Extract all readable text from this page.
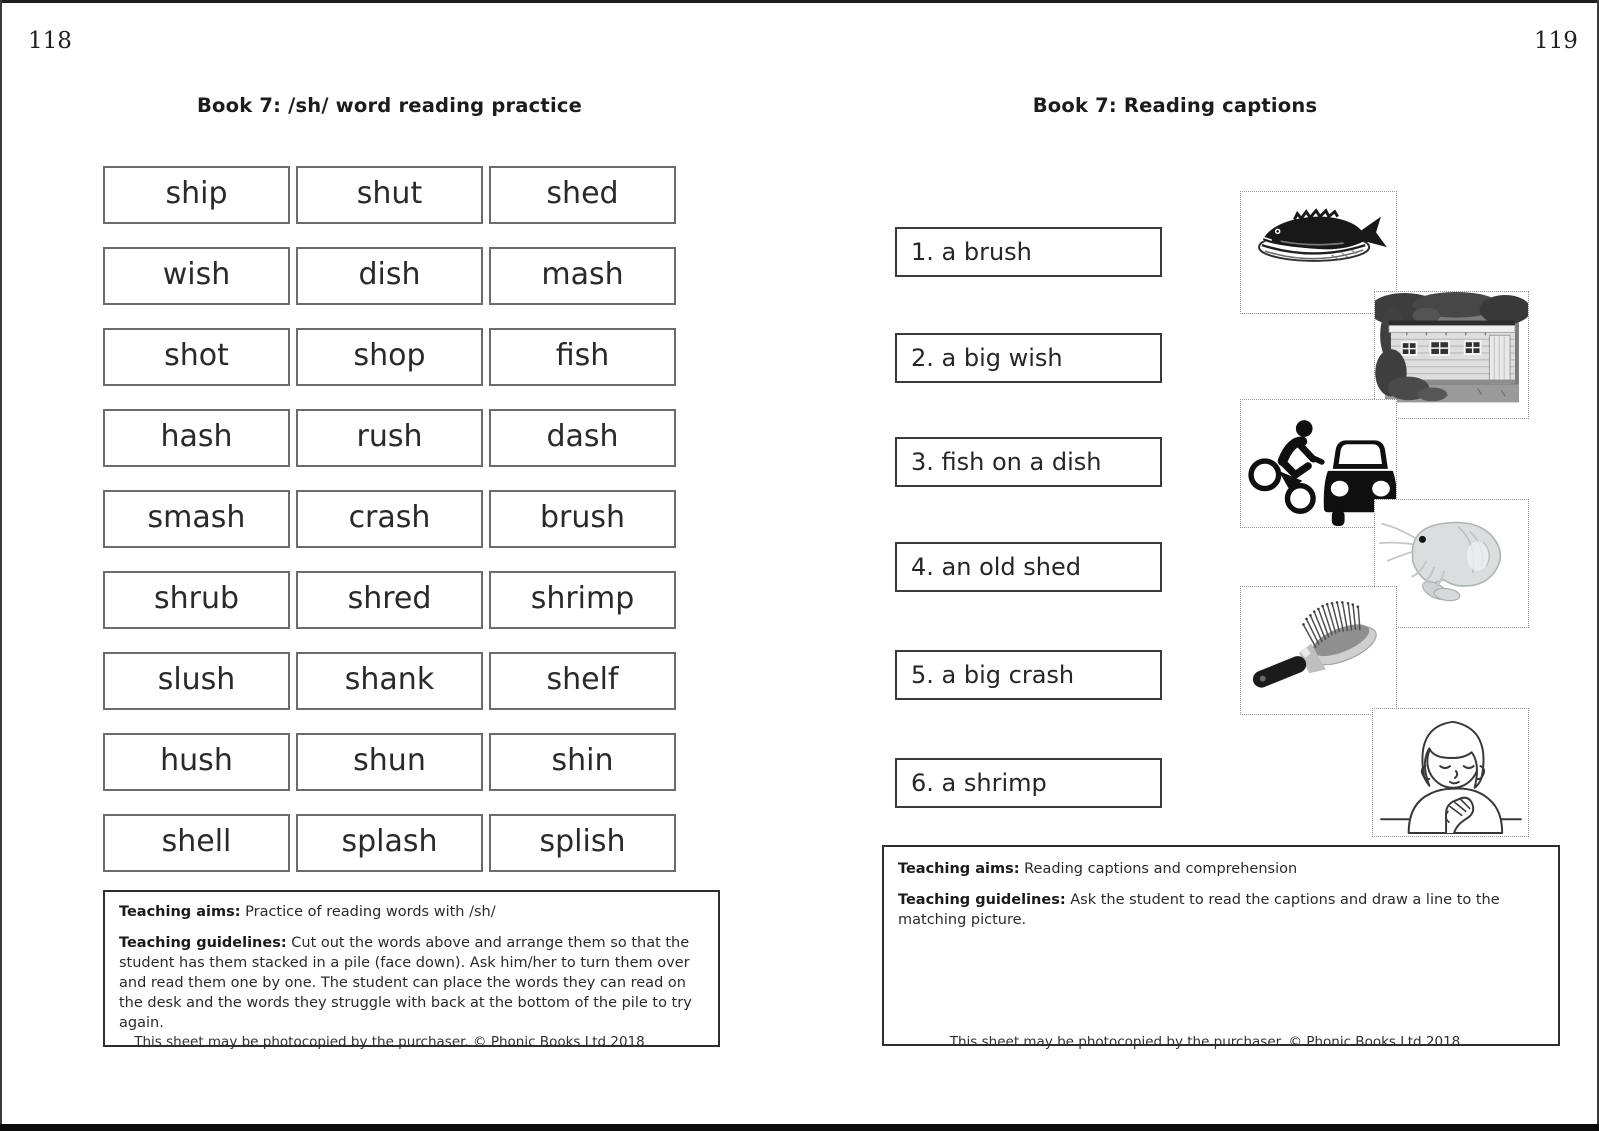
118
Book 7: /sh/ word reading practice
ship	shut	shed
wish	dish	mash
shot	shop	fish
hash	rush	dash
smash	crash	brush
shrub	shred	shrimp
slush	shank	shelf
hush	shun	shin
shell	splash	splish

Teaching aims: Practice of reading words with /sh/

Teaching guidelines: Cut out the words above and arrange them so that the student has them stacked in a pile (face down). Ask him/her to turn them over and read them one by one. The student can place the words they can read on the desk and the words they struggle with back at the bottom of the pile to try again.

This sheet may be photocopied by the purchaser. © Phonic Books Ltd 2018
119
Book 7: Reading captions
1. a brush
2. a big wish
3. fish on a dish
4. an old shed
5. a big crash
6. a shrimp

Teaching aims: Reading captions and comprehension

Teaching guidelines: Ask the student to read the captions and draw a line to the matching picture.

This sheet may be photocopied by the purchaser. © Phonic Books Ltd 2018
